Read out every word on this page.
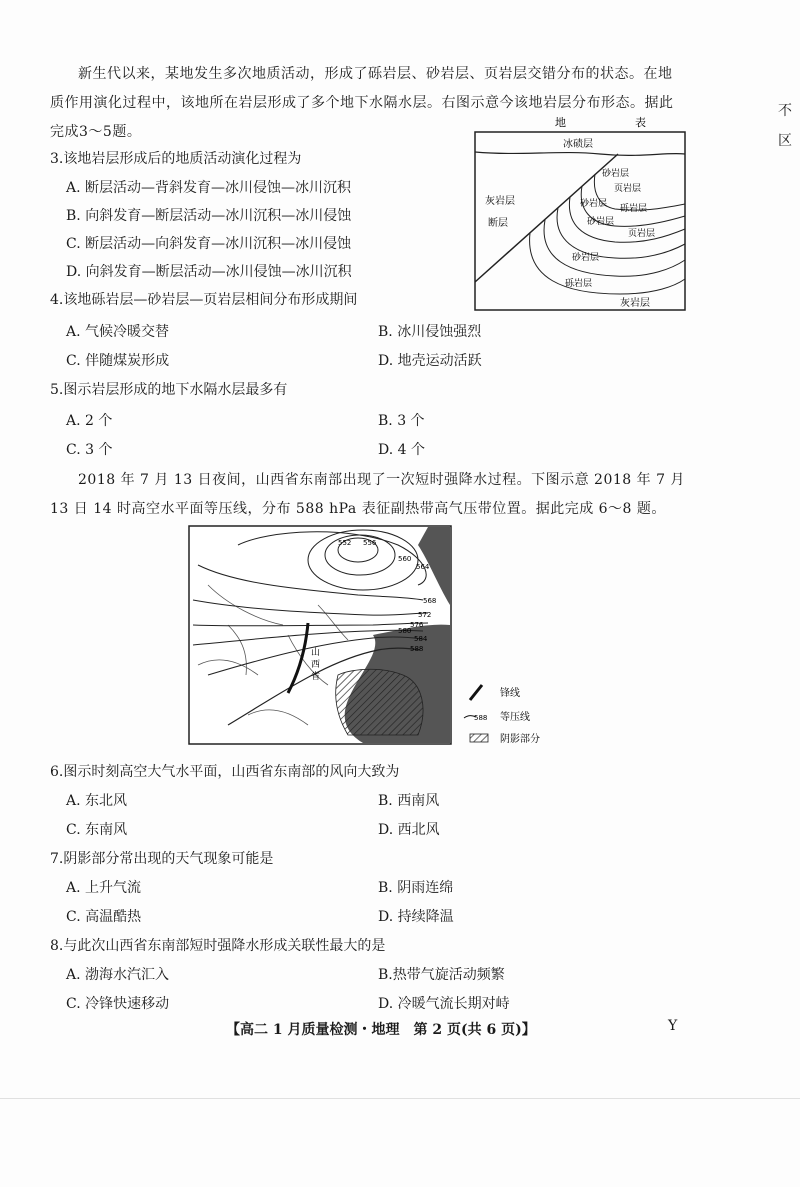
新生代以来，某地发生多次地质活动，形成了砾岩层、砂岩层、页岩层交错分布的状态。在地质作用演化过程中，该地所在岩层形成了多个地下水隔水层。右图示意今该地岩层分布形态。据此完成3～5题。
不
区
地	表
冰碛层
灰岩层
断层
砂岩层
页岩层
砂岩层 砾岩层
砂岩层
页岩层
砂岩层
砾岩层
灰岩层
3.该地岩层形成后的地质活动演化过程为
A. 断层活动—背斜发育—冰川侵蚀—冰川沉积
B. 向斜发育—断层活动—冰川沉积—冰川侵蚀
C. 断层活动—向斜发育—冰川沉积—冰川侵蚀
D. 向斜发育—断层活动—冰川侵蚀—冰川沉积
4.该地砾岩层—砂岩层—页岩层相间分布形成期间
A. 气候冷暖交替	B. 冰川侵蚀强烈
C. 伴随煤炭形成	D. 地壳运动活跃
5.图示岩层形成的地下水隔水层最多有
A. 2 个	B. 3 个
C. 3 个	D. 4 个
2018 年 7 月 13 日夜间，山西省东南部出现了一次短时强降水过程。下图示意 2018 年 7 月 13 日 14 时高空水平面等压线，分布 588 hPa 表征副热带高气压带位置。据此完成 6～8 题。
552 556
560
564
568
572
576
580
584
588
山
西
省
锋线
588 等压线
阴影部分
6.图示时刻高空大气水平面，山西省东南部的风向大致为
A. 东北风	B. 西南风
C. 东南风	D. 西北风
7.阴影部分常出现的天气现象可能是
A. 上升气流	B. 阴雨连绵
C. 高温酷热	D. 持续降温
8.与此次山西省东南部短时强降水形成关联性最大的是
A. 渤海水汽汇入	B.热带气旋活动频繁
C. 冷锋快速移动	D. 冷暖气流长期对峙
【高二 1 月质量检测・地理　第 2 页(共 6 页)】	Y
